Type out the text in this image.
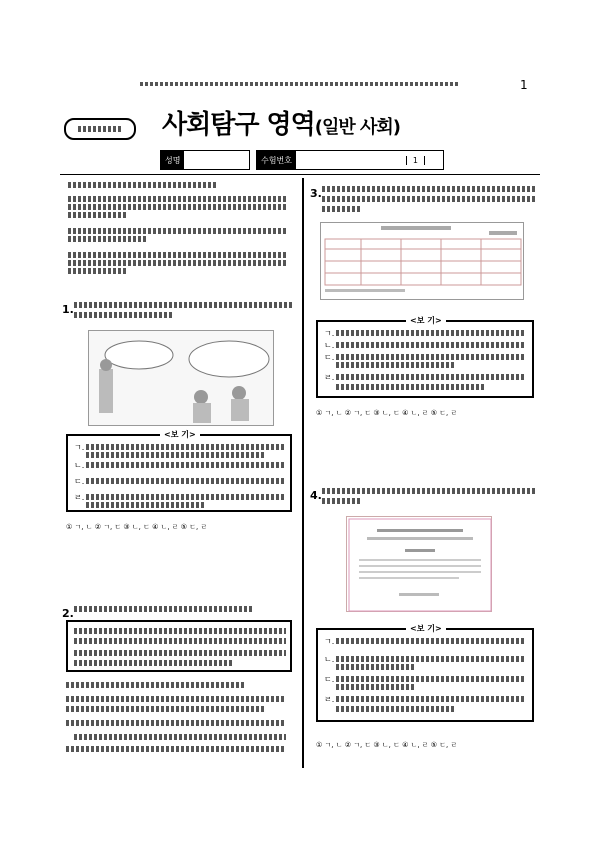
1
사회탐구 영역(일반 사회)
성명	수험번호	1
1.
<보 기>
ㄱ.
ㄴ.
ㄷ.
ㄹ.
① ㄱ, ㄴ ② ㄱ, ㄷ ③ ㄴ, ㄷ ④ ㄴ, ㄹ ⑤ ㄷ, ㄹ
2.
3.
<보 기>
ㄱ.
ㄴ.
ㄷ.
ㄹ.
① ㄱ, ㄴ ② ㄱ, ㄷ ③ ㄴ, ㄷ ④ ㄴ, ㄹ ⑤ ㄷ, ㄹ
4.
<보 기>
ㄱ.
ㄴ.
ㄷ.
ㄹ.
① ㄱ, ㄴ ② ㄱ, ㄷ ③ ㄴ, ㄷ ④ ㄴ, ㄹ ⑤ ㄷ, ㄹ
